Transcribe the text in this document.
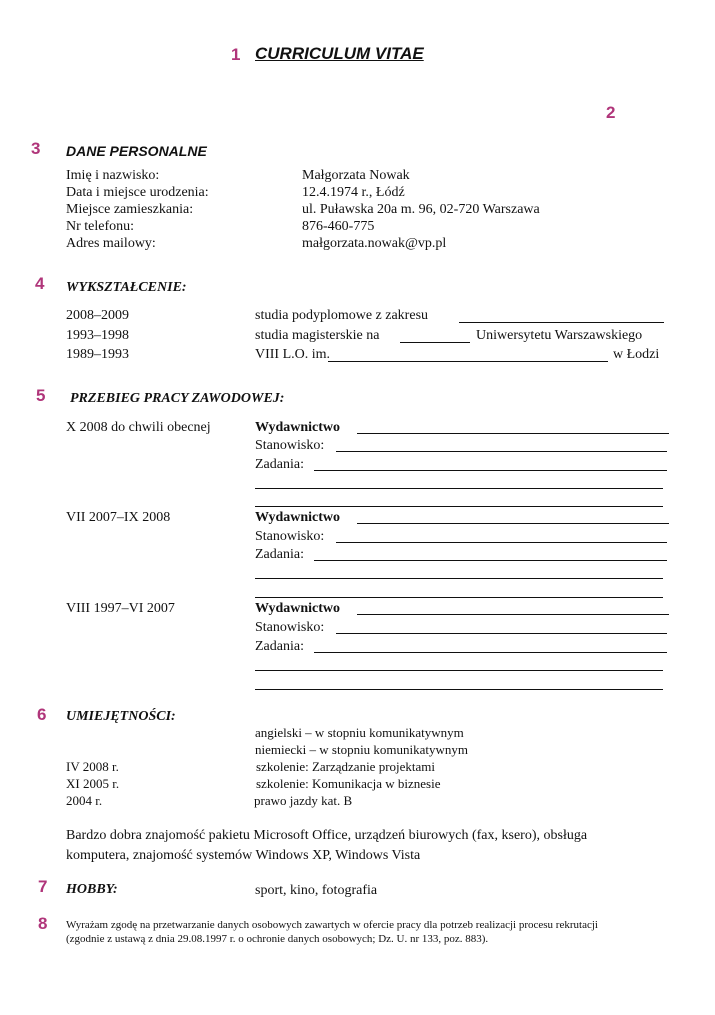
1
2
3
4
5
6
7
8
CURRICULUM VITAE
DANE PERSONALNE
Imię i nazwisko:	Małgorzata Nowak
Data i miejsce urodzenia:	12.4.1974 r., Łódź
Miejsce zamieszkania:	ul. Puławska 20a m. 96, 02-720 Warszawa
Nr telefonu:	876-460-775
Adres mailowy:	małgorzata.nowak@vp.pl
WYKSZTAŁCENIE:
2008–2009	studia podyplomowe z zakresu
1993–1998	studia magisterskie na	Uniwersytetu Warszawskiego
1989–1993	VIII L.O. im.	w Łodzi
PRZEBIEG PRACY ZAWODOWEJ:
X 2008 do chwili obecnej	Wydawnictwo
Stanowisko:
Zadania:
VII 2007–IX 2008	Wydawnictwo
Stanowisko:
Zadania:
VIII 1997–VI 2007	Wydawnictwo
Stanowisko:
Zadania:
UMIEJĘTNOŚCI:
angielski – w stopniu komunikatywnym
niemiecki – w stopniu komunikatywnym
IV 2008 r.	szkolenie: Zarządzanie projektami
XI 2005 r.	szkolenie: Komunikacja w biznesie
2004 r.	prawo jazdy kat. B
Bardzo dobra znajomość pakietu Microsoft Office, urządzeń biurowych (fax, ksero), obsługa
komputera, znajomość systemów Windows XP, Windows Vista
HOBBY:	sport, kino, fotografia
Wyrażam zgodę na przetwarzanie danych osobowych zawartych w ofercie pracy dla potrzeb realizacji procesu rekrutacji
(zgodnie z ustawą z dnia 29.08.1997 r. o ochronie danych osobowych; Dz. U. nr 133, poz. 883).
